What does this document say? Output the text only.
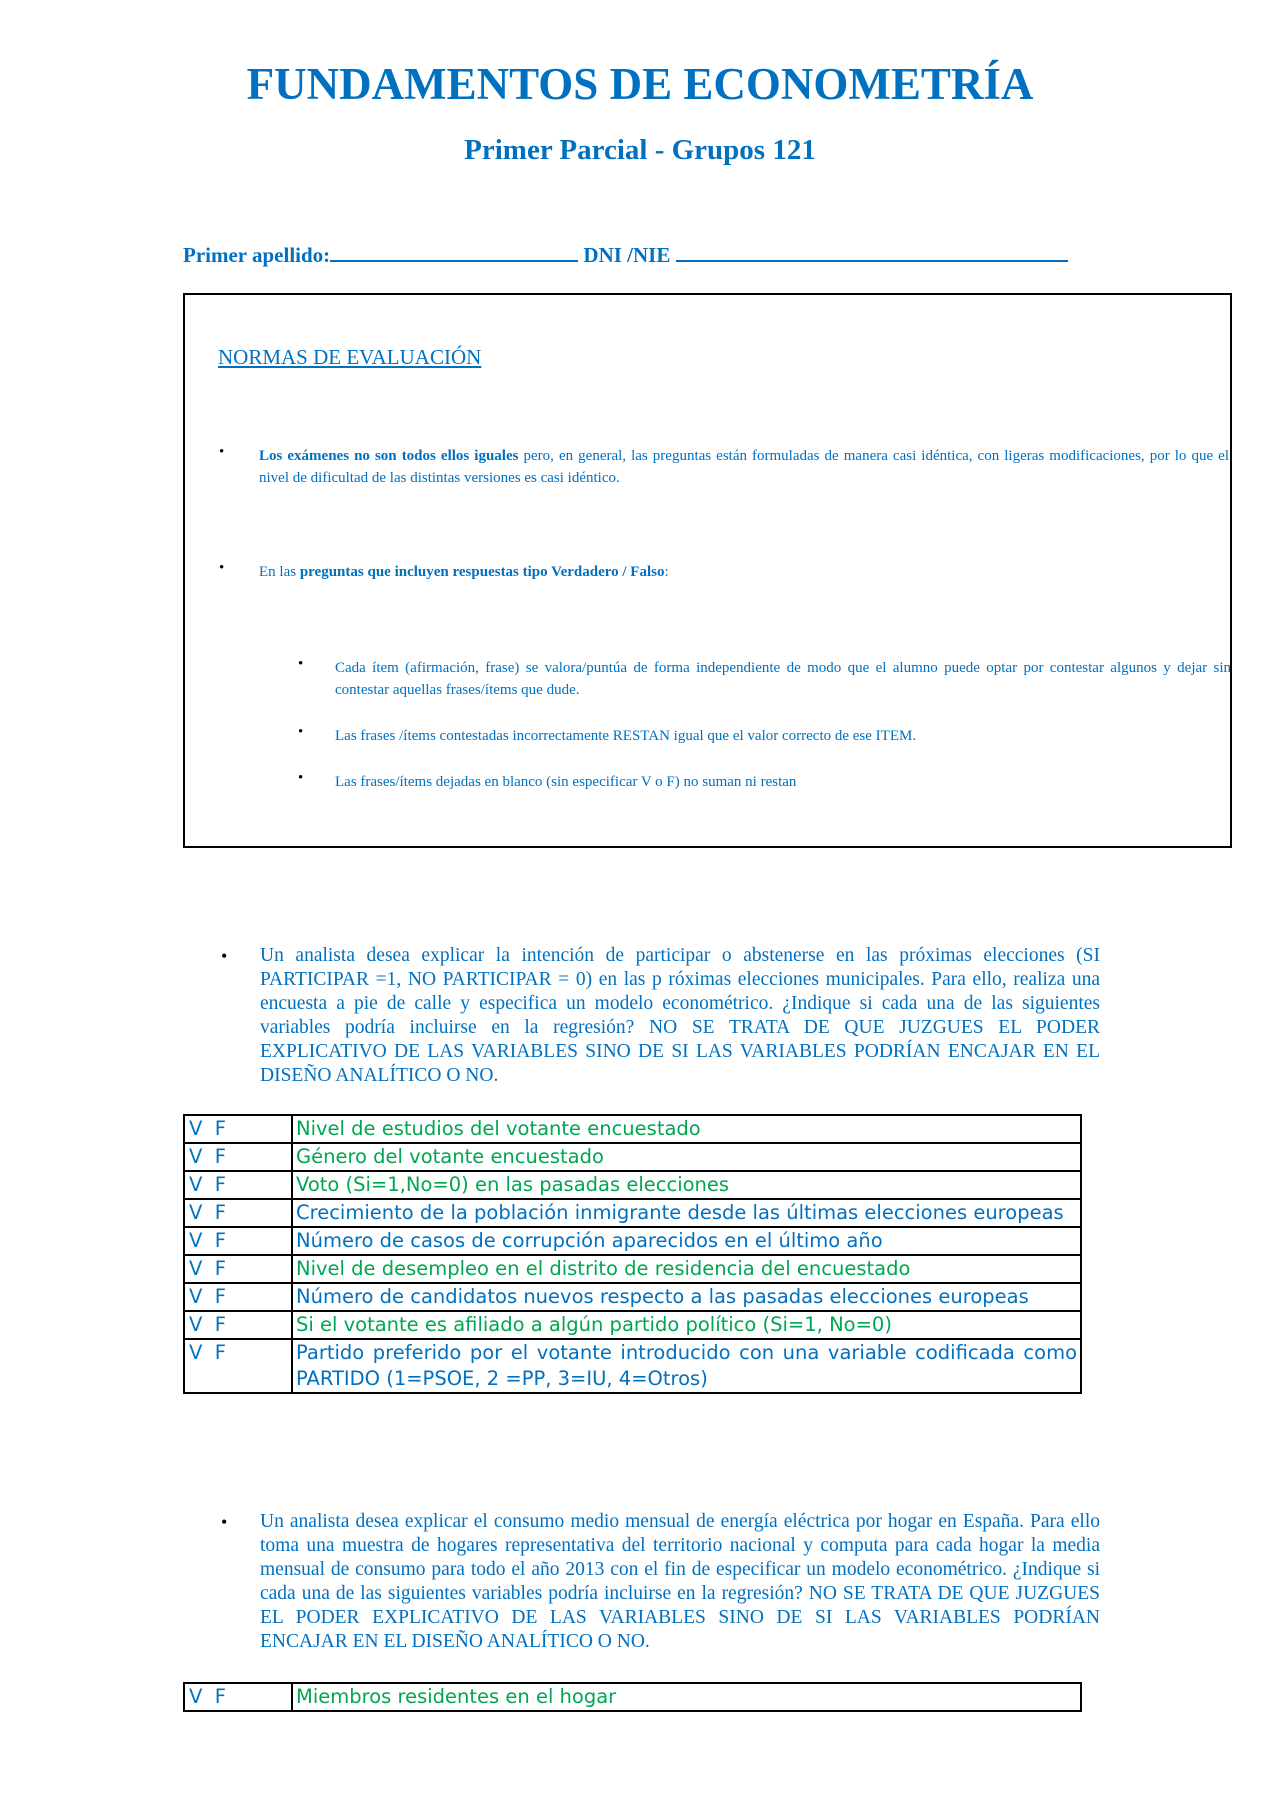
FUNDAMENTOS DE ECONOMETRÍA
Primer Parcial - Grupos 121
Primer apellido:	DNI /NIE
NORMAS DE EVALUACIÓN
• Los exámenes no son todos ellos iguales pero, en general, las preguntas están formuladas de manera casi idéntica, con ligeras modificaciones, por lo que el nivel de dificultad de las distintas versiones es casi idéntico.
• En las preguntas que incluyen respuestas tipo Verdadero / Falso:
• Cada ítem (afirmación, frase) se valora/puntúa de forma independiente de modo que el alumno puede optar por contestar algunos y dejar sin contestar aquellas frases/ítems que dude.
• Las frases /ítems contestadas incorrectamente RESTAN igual que el valor correcto de ese ITEM.
• Las frases/ítems dejadas en blanco (sin especificar V o F) no suman ni restan
• Un analista desea explicar la intención de participar o abstenerse en las próximas elecciones (SI PARTICIPAR =1, NO PARTICIPAR = 0) en las p róximas elecciones municipales. Para ello, realiza una encuesta a pie de calle y especifica un modelo econométrico. ¿Indique si cada una de las siguientes variables podría incluirse en la regresión? NO SE TRATA DE QUE JUZGUES EL PODER EXPLICATIVO DE LAS VARIABLES SINO DE SI LAS VARIABLES PODRÍAN ENCAJAR EN EL DISEÑO ANALÍTICO O NO.
V  F	Nivel de estudios del votante encuestado
V  F	Género del votante encuestado
V  F	Voto (Si=1,No=0) en las pasadas elecciones
V  F	Crecimiento de la población inmigrante desde las últimas elecciones europeas
V  F	Número de casos de corrupción aparecidos en el último año
V  F	Nivel de desempleo en el distrito de residencia del encuestado
V  F	Número de candidatos nuevos respecto a las pasadas elecciones europeas
V  F	Si el votante es afiliado a algún partido político (Si=1, No=0)
V  F	Partido preferido por el votante introducido con una variable codificada como PARTIDO (1=PSOE, 2 =PP, 3=IU, 4=Otros)
• Un analista desea explicar el consumo medio mensual de energía eléctrica por hogar en España. Para ello toma una muestra de hogares representativa del territorio nacional y computa para cada hogar la media mensual de consumo para todo el año 2013 con el fin de especificar un modelo econométrico. ¿Indique si cada una de las siguientes variables podría incluirse en la regresión? NO SE TRATA DE QUE JUZGUES EL PODER EXPLICATIVO DE LAS VARIABLES SINO DE SI LAS VARIABLES PODRÍAN ENCAJAR EN EL DISEÑO ANALÍTICO O NO.
V  F	Miembros residentes en el hogar
